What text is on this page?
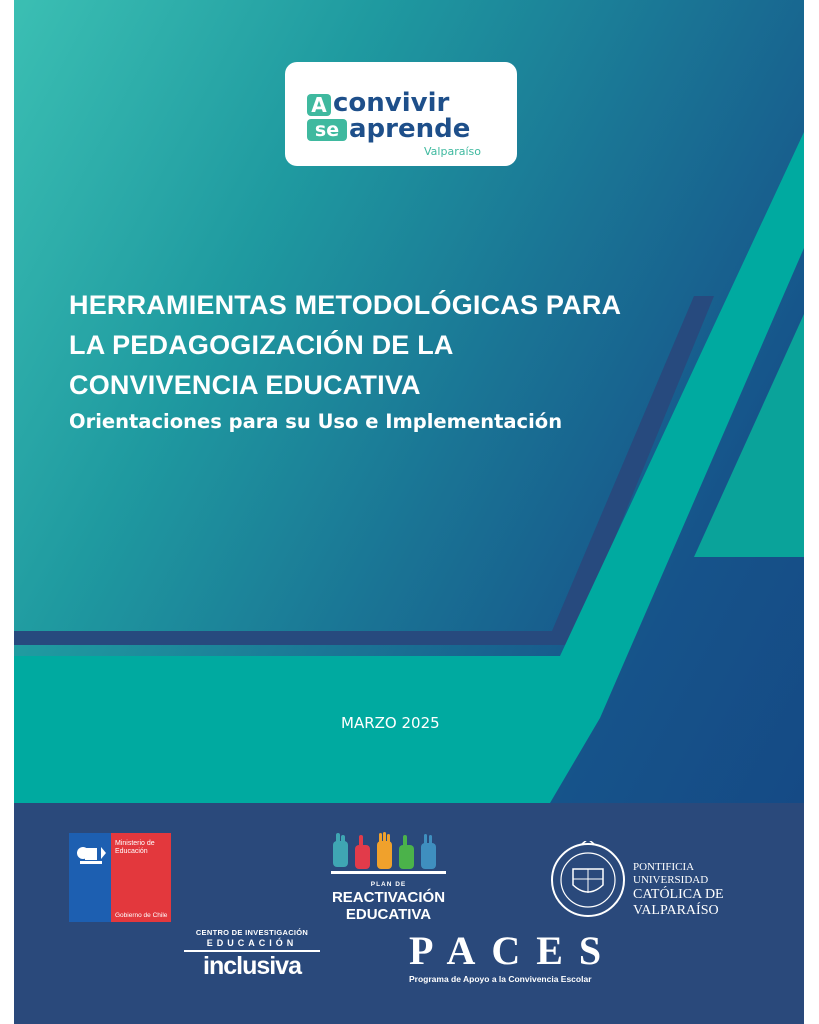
A convivir
se aprende
Valparaíso
HERRAMIENTAS METODOLÓGICAS PARA
LA PEDAGOGIZACIÓN DE LA
CONVIVENCIA EDUCATIVA
Orientaciones para su Uso e Implementación
MARZO 2025
Ministerio de
Educación
Gobierno de Chile
PLAN DE
REACTIVACIÓN
EDUCATIVA
PONTIFICIA
UNIVERSIDAD
CATÓLICA DE
VALPARAÍSO
CENTRO DE INVESTIGACIÓN
EDUCACIÓN
inclusiva	PACES
Programa de Apoyo a la Convivencia Escolar
